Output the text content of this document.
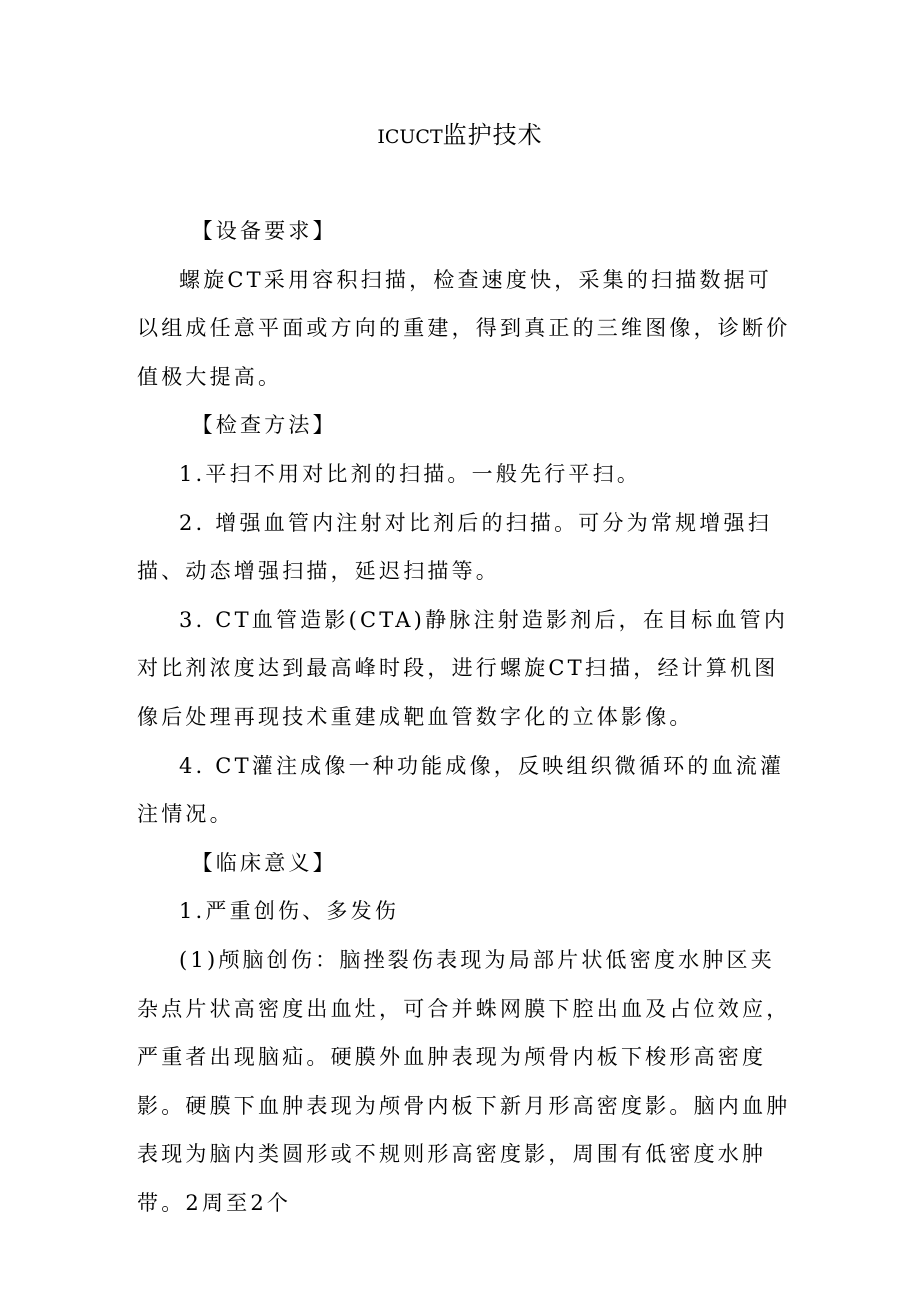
ICUCT监护技术

【设备要求】

螺旋CT采用容积扫描，检查速度快，采集的扫描数据可以组成任意平面或方向的重建，得到真正的三维图像，诊断价值极大提高。

【检查方法】

1.平扫不用对比剂的扫描。一般先行平扫。

2. 增强血管内注射对比剂后的扫描。可分为常规增强扫描、动态增强扫描，延迟扫描等。

3. CT血管造影(CTA)静脉注射造影剂后，在目标血管内对比剂浓度达到最高峰时段，进行螺旋CT扫描，经计算机图像后处理再现技术重建成靶血管数字化的立体影像。

4. CT灌注成像一种功能成像，反映组织微循环的血流灌注情况。

【临床意义】

1.严重创伤、多发伤

(1)颅脑创伤：脑挫裂伤表现为局部片状低密度水肿区夹杂点片状高密度出血灶，可合并蛛网膜下腔出血及占位效应，严重者出现脑疝。硬膜外血肿表现为颅骨内板下梭形高密度影。硬膜下血肿表现为颅骨内板下新月形高密度影。脑内血肿表现为脑内类圆形或不规则形高密度影，周围有低密度水肿带。2周至2个
